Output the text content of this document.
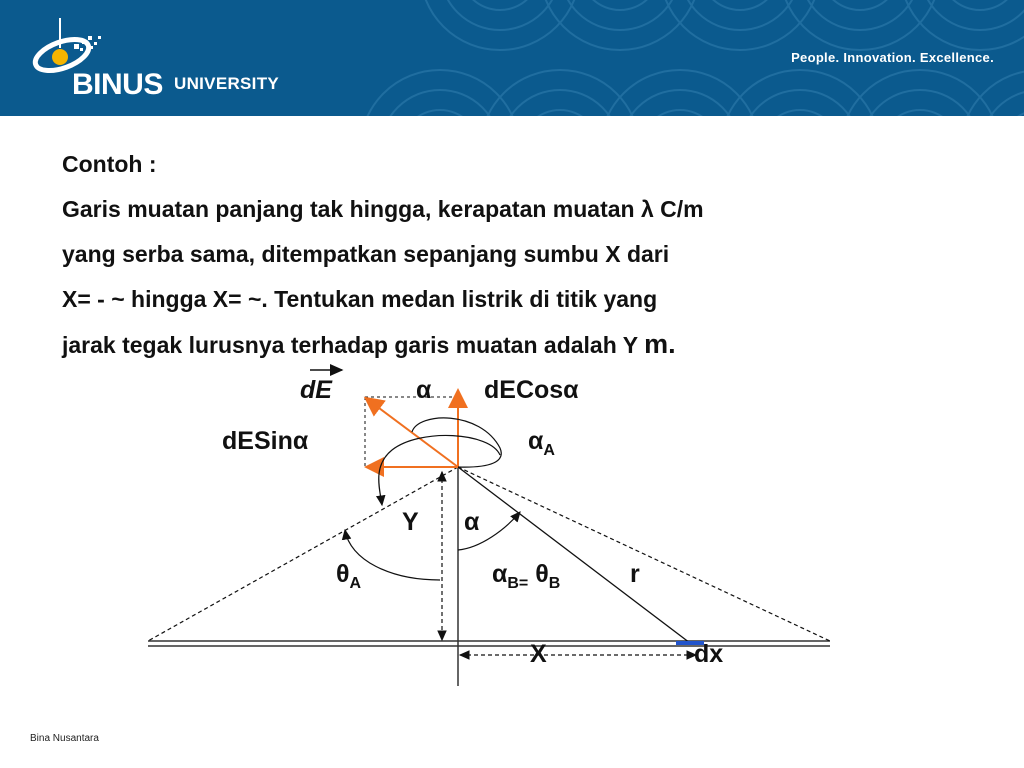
BINUS UNIVERSITY
People. Innovation. Excellence.
Contoh :
Garis muatan panjang tak hingga, kerapatan muatan λ C/m
yang serba sama, ditempatkan sepanjang sumbu X dari
X= - ~ hingga X= ~. Tentukan medan listrik di titik yang
jarak tegak lurusnya terhadap garis muatan adalah Y m.
dE	α dECosα
dESinα	$\alpha_A$
Y α
$\theta_A$	$\alpha_{B=}$ $\theta_B$	r
X	dx
Bina Nusantara
